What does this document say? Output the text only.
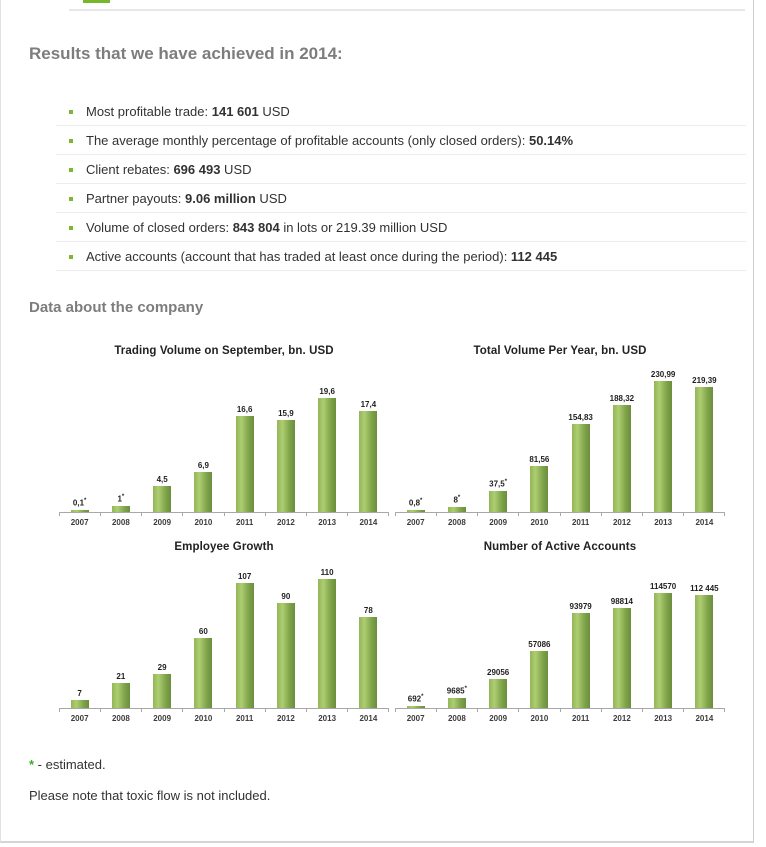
Results that we have achieved in 2014:
Most profitable trade: 141 601 USD
The average monthly percentage of profitable accounts (only closed orders): 50.14%
Client rebates: 696 493 USD
Partner payouts: 9.06 million USD
Volume of closed orders: 843 804 in lots or 219.39 million USD
Active accounts (account that has traded at least once during the period): 112 445
Data about the company
Trading Volume on September, bn. USD
0,1*	1*
4,5
6,9
16,6	15,9
19,6
17,4
2007	2008	2009	2010	2011	2012	2013	2014
Total Volume Per Year, bn. USD
0,8*	8*
37,5*
81,56
154,83
188,32
230,99
219,39
2007	2008	2009	2010	2011	2012	2013	2014
Employee Growth
7
21
29
60
107
90
110
78
2007	2008	2009	2010	2011	2012	2013	2014
Number of Active Accounts
692*
9685*
29056
57086
93979
98814
114570 112 445
2007	2008	2009	2010	2011	2012	2013	2014

* - estimated.

Please note that toxic flow is not included.
